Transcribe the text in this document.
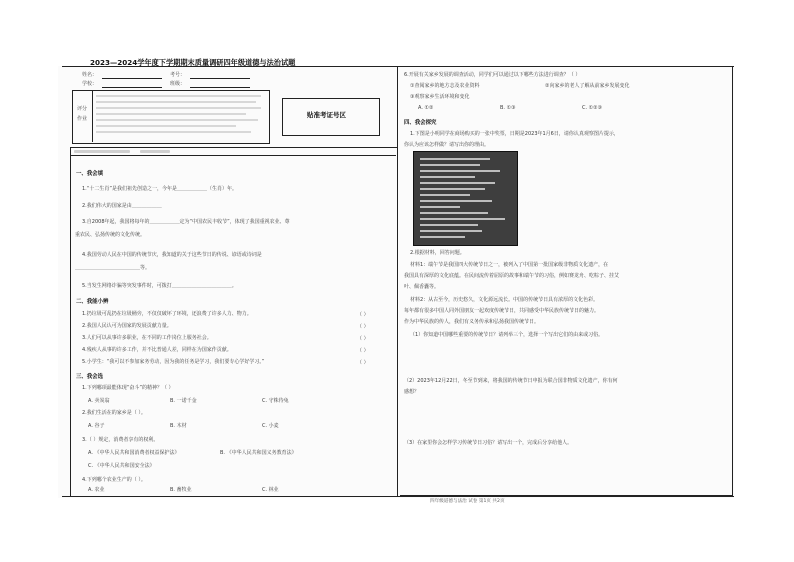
2023—2024学年度下学期期末质量调研四年级道德与法治试题
姓名：	考号：
学校：	班级：
评分
作业	贴准考证号区
一、我会填
1.“十二生肖”是我们祖先创造之一，今年是＿＿＿＿＿＿（生肖）年。
2.我们伟大的国家是由＿＿＿＿＿＿
3.自2008年起，我国将每年的＿＿＿＿＿＿定为“中国农民丰收节”，体现了我国重视农业、尊
重农民、弘扬传统的文化传统。
4.我国劳动人民在中国的传统节庆，我知道的关于这些节日的传说、谚语或诗词是
＿＿＿＿＿＿＿＿＿＿＿＿＿等。
5.当发生网络诈骗等突发事件时，可拨打＿＿＿＿＿＿＿＿＿＿＿＿。
二、我能小辨
1.扔垃圾可乱扔在垃圾桶旁，不仅仅破坏了环境，还浪费了许多人力、物力。	（ ）
2.我国人民认可为国家的发展贡献力量。	（ ）
3.人们可以从事许多职业，在不同的工作岗位上服务社会。	（ ）
4.残疾人从事的许多工作，并不比普通人差，同样在为国家作贡献。	（ ）
5.小学生：“我可以不参加家务劳动，因为我的任务是学习，我们要专心学好学习。”	（ ）
三、我会选
1.下列哪项最能体现“奋斗”的精神？（ ）
A. 卖炭翁	B. 一诺千金	C. 守株待兔
2.我们生活在的家乡是（ ）。
A. 谷子	B. 木材	C. 小麦
3.（ ）规定，消费者享有的权利。
A. 《中华人民共和国消费者权益保护法》	B. 《中华人民共和国义务教育法》
C. 《中华人民共和国安全法》
4.下列哪个农业生产的（ ）。
A. 农业	B. 畜牧业	C. 林业
6.开展有关家乡发展的调查活动，同学们可以通过以下哪些方法进行调查？（ ）
①查阅家乡的地方志及农业资料	②向家乡的老人了解从前家乡发展变化
③观察家乡生活环境和变化
A. ①②	B. ①③	C. ①②③
四、我会探究
1.下图是小明同学在商场购买的一张中奖票，日期是2023年1月6日，请你认真观察图片提示，
你认为应该怎样做？请写出你的理由。
2.根据材料，回答问题。
材料1：端午节是我国四大传统节日之一，被列入了中国第一批国家级非物质文化遗产，在
我国具有深厚的文化底蕴。在民间流传着屈原的故事和端午节的习俗，例如赛龙舟、吃粽子、挂艾
叶、佩香囊等。
材料2：从古至今，历史悠久，文化源远流长。中国的传统节日具有浓厚的文化色彩。
每年都有很多中国人同外国朋友一起欢度传统节日，共同感受中华民族传统节日的魅力。
作为中华民族的传人，我们有义务传承和弘扬我国传统节日。
（1）你知道中国哪些重要的传统节日？请列举三个，选择一个写出它们的由来或习俗。
（2）2023年12月22日，冬至节到来，将我国的传统节日申报为联合国非物质文化遗产，你有何
感想？
（3）在家里你会怎样学习传统节日习俗？请写出一个，完成后分享给他人。
四年级道德与法治 试卷 第1页 共2页
